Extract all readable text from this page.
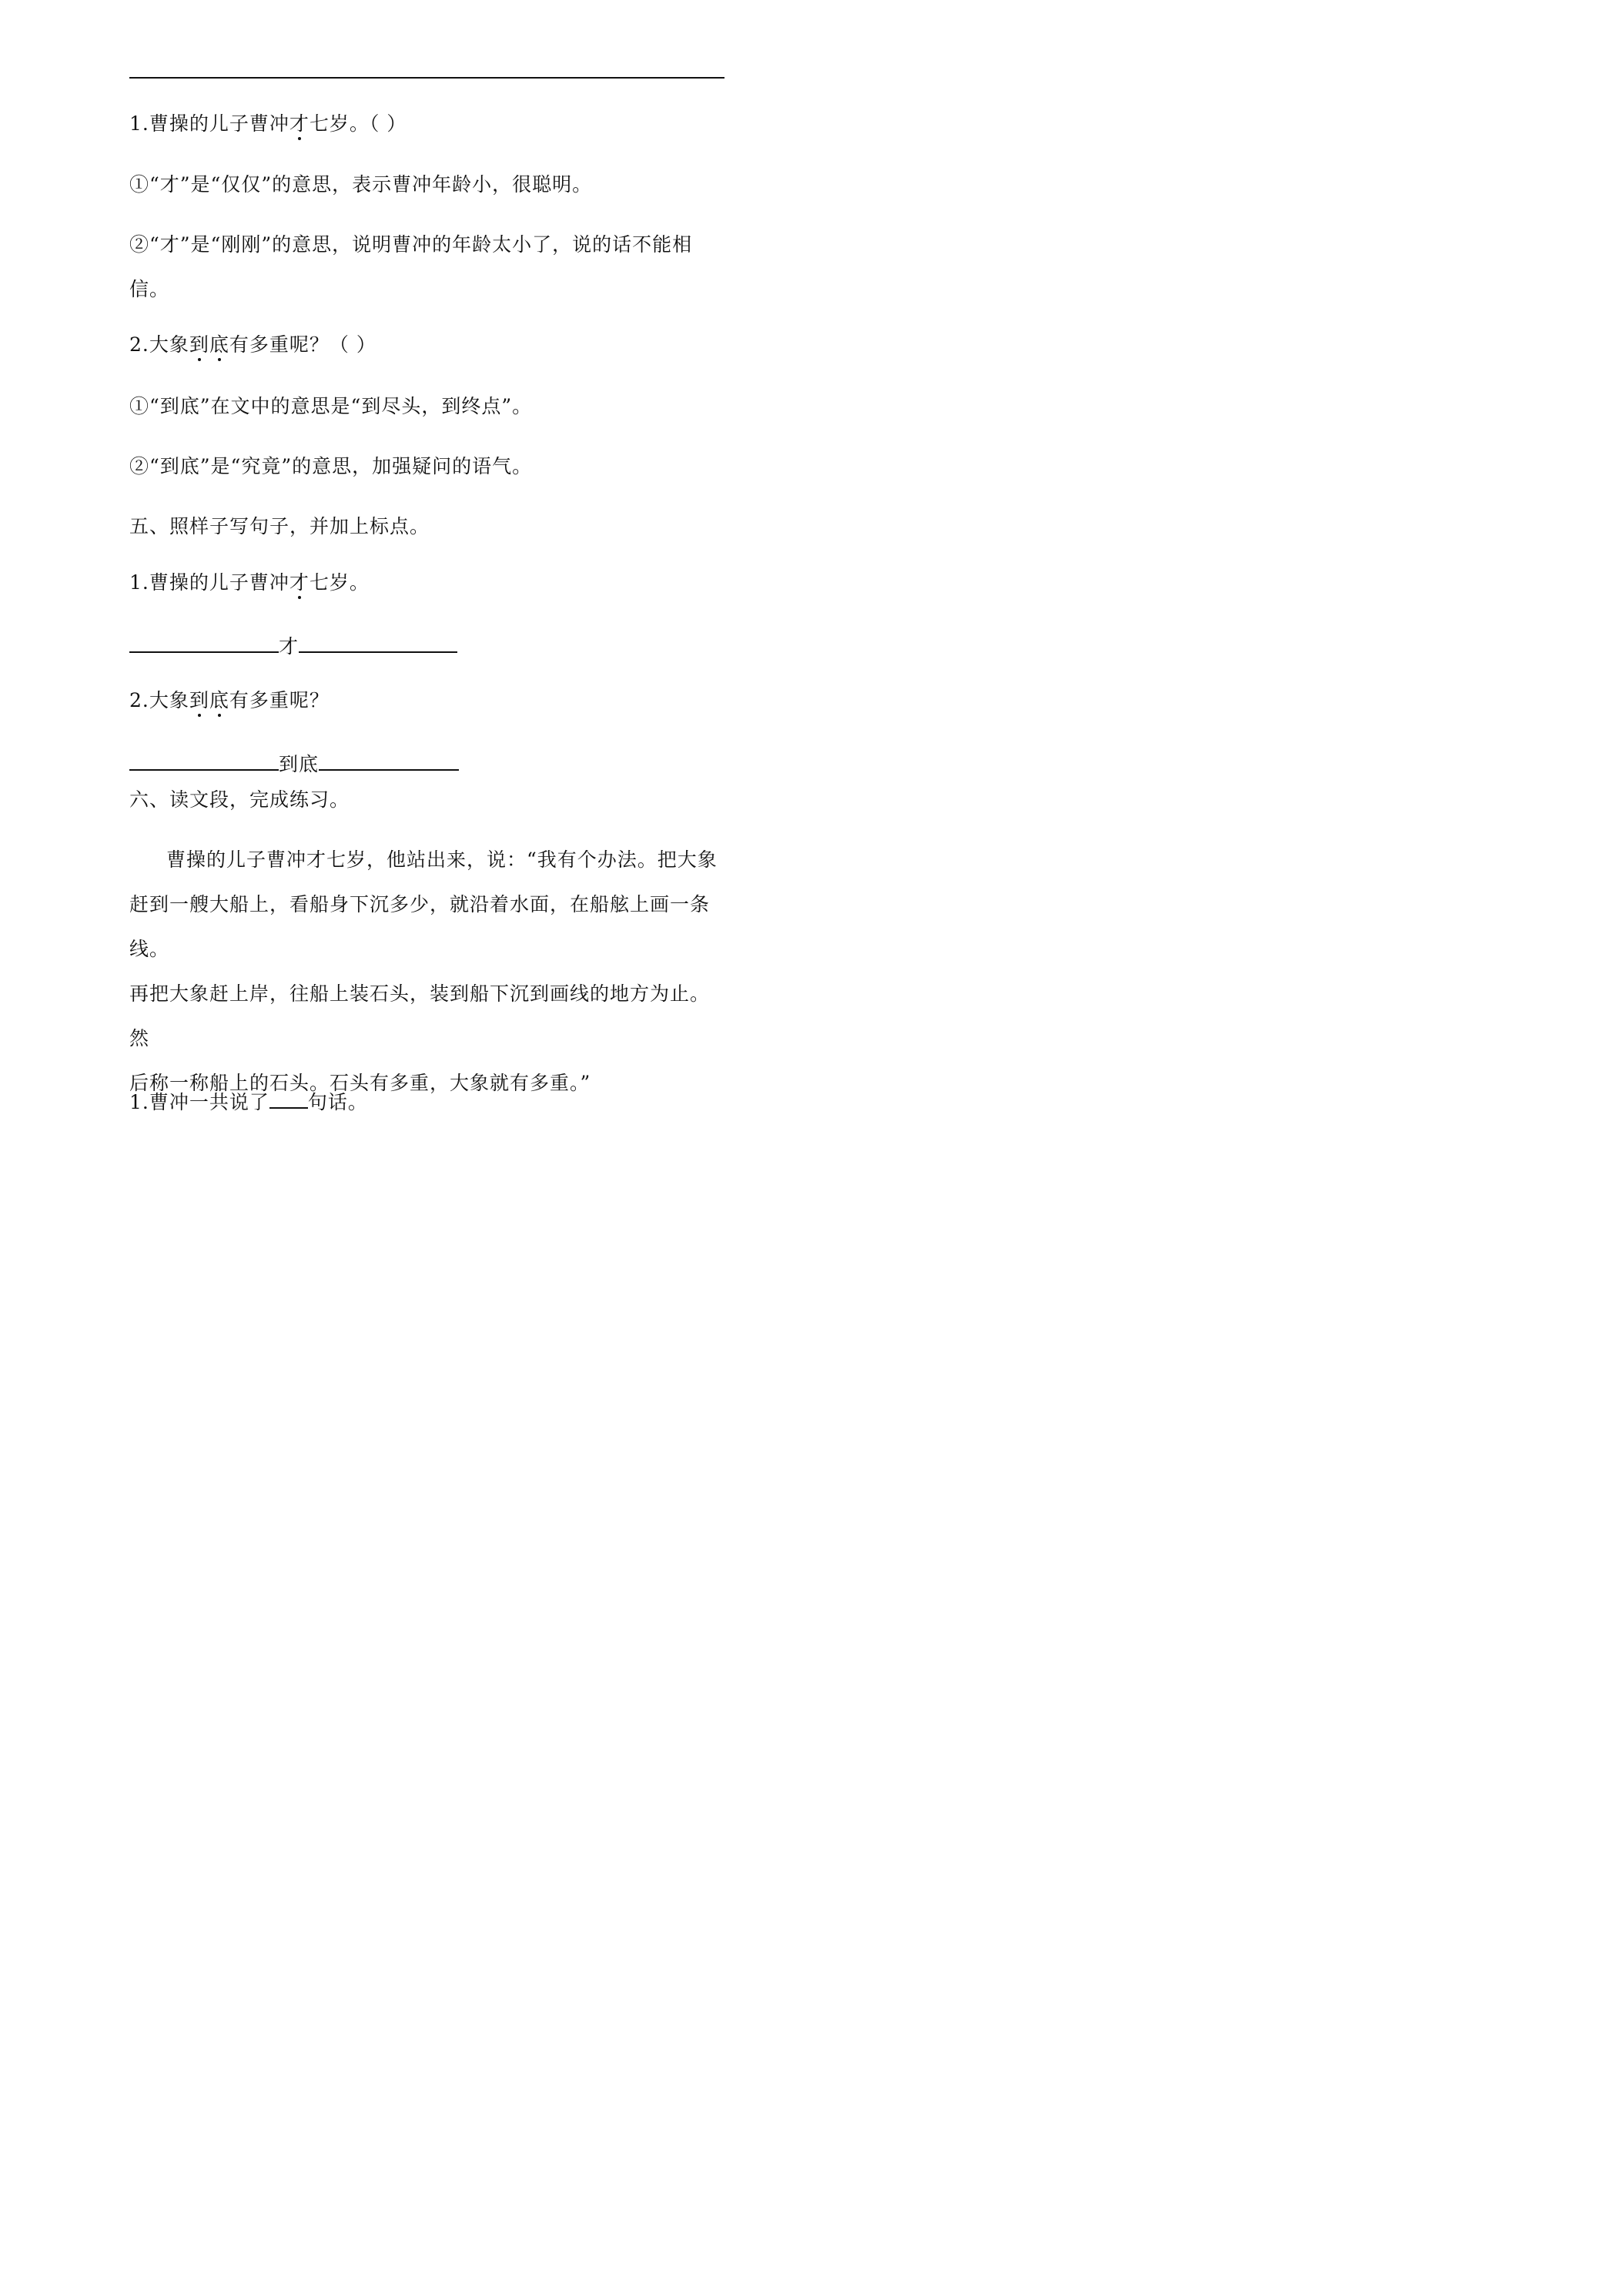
1.曹操的儿子曹冲才七岁。（ ）
①“才”是“仅仅”的意思，表示曹冲年龄小，很聪明。
②“才”是“刚刚”的意思，说明曹冲的年龄太小了，说的话不能相
信。
2.大象到底有多重呢？（ ）
①“到底”在文中的意思是“到尽头，到终点”。
②“到底”是“究竟”的意思，加强疑问的语气。
五、照样子写句子，并加上标点。
1.曹操的儿子曹冲才七岁。
才
2.大象到底有多重呢？
到底
六、读文段，完成练习。
曹操的儿子曹冲才七岁，他站出来，说：“我有个办法。把大象
赶到一艘大船上，看船身下沉多少，就沿着水面，在船舷上画一条线。
再把大象赶上岸，往船上装石头，装到船下沉到画线的地方为止。然
后称一称船上的石头。石头有多重，大象就有多重。”
1.曹冲一共说了 句话。
